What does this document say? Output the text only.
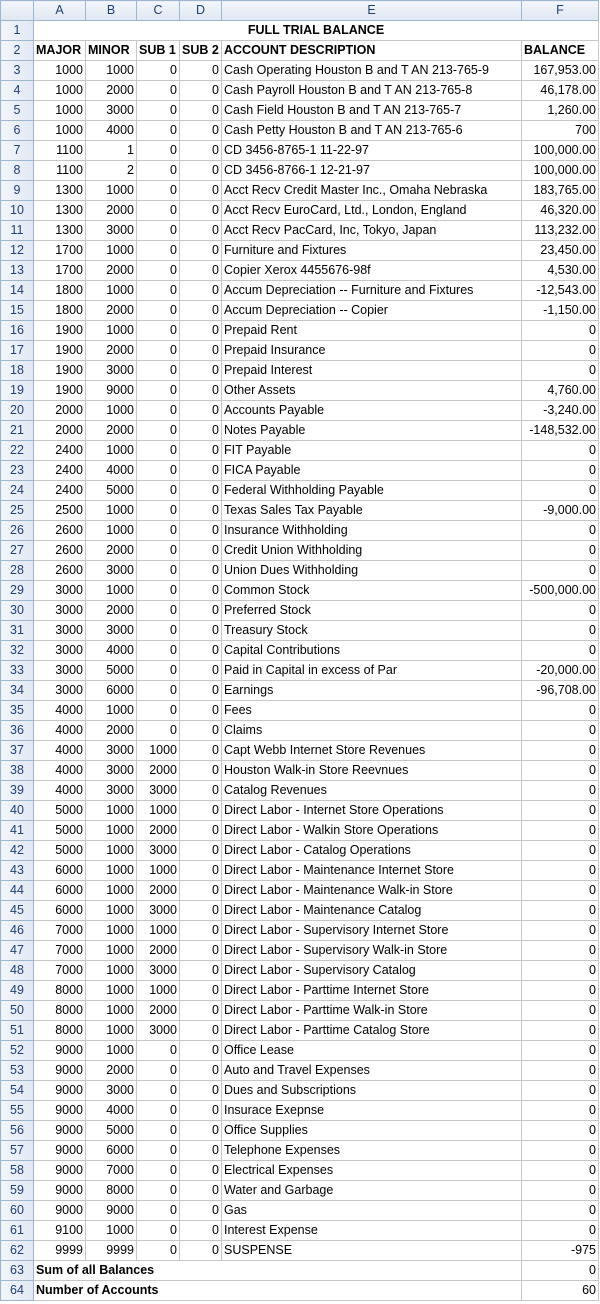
	A	B	C	D	E	F
1	FULL TRIAL BALANCE					
2	MAJOR	MINOR	SUB 1	SUB 2	ACCOUNT DESCRIPTION	BALANCE
3	1000	1000	0	0	Cash Operating Houston B and T AN 213-765-9	167,953.00
4	1000	2000	0	0	Cash Payroll Houston B and T AN 213-765-8	46,178.00
5	1000	3000	0	0	Cash Field Houston B and T AN 213-765-7	1,260.00
6	1000	4000	0	0	Cash Petty Houston B and T AN 213-765-6	700
7	1100	1	0	0	CD 3456-8765-1 11-22-97	100,000.00
8	1100	2	0	0	CD 3456-8766-1 12-21-97	100,000.00
9	1300	1000	0	0	Acct Recv Credit Master Inc., Omaha Nebraska	183,765.00
10	1300	2000	0	0	Acct Recv EuroCard, Ltd., London, England	46,320.00
11	1300	3000	0	0	Acct Recv PacCard, Inc, Tokyo, Japan	113,232.00
12	1700	1000	0	0	Furniture and Fixtures	23,450.00
13	1700	2000	0	0	Copier Xerox 4455676-98f	4,530.00
14	1800	1000	0	0	Accum Depreciation -- Furniture and Fixtures	-12,543.00
15	1800	2000	0	0	Accum Depreciation -- Copier	-1,150.00
16	1900	1000	0	0	Prepaid Rent	0
17	1900	2000	0	0	Prepaid Insurance	0
18	1900	3000	0	0	Prepaid Interest	0
19	1900	9000	0	0	Other Assets	4,760.00
20	2000	1000	0	0	Accounts Payable	-3,240.00
21	2000	2000	0	0	Notes Payable	-148,532.00
22	2400	1000	0	0	FIT Payable	0
23	2400	4000	0	0	FICA Payable	0
24	2400	5000	0	0	Federal Withholding Payable	0
25	2500	1000	0	0	Texas Sales Tax Payable	-9,000.00
26	2600	1000	0	0	Insurance Withholding	0
27	2600	2000	0	0	Credit Union Withholding	0
28	2600	3000	0	0	Union Dues Withholding	0
29	3000	1000	0	0	Common Stock	-500,000.00
30	3000	2000	0	0	Preferred Stock	0
31	3000	3000	0	0	Treasury Stock	0
32	3000	4000	0	0	Capital Contributions	0
33	3000	5000	0	0	Paid in Capital in excess of Par	-20,000.00
34	3000	6000	0	0	Earnings	-96,708.00
35	4000	1000	0	0	Fees	0
36	4000	2000	0	0	Claims	0
37	4000	3000	1000	0	Capt Webb Internet Store Revenues	0
38	4000	3000	2000	0	Houston Walk-in Store Reevnues	0
39	4000	3000	3000	0	Catalog Revenues	0
40	5000	1000	1000	0	Direct Labor - Internet Store Operations	0
41	5000	1000	2000	0	Direct Labor - Walkin Store Operations	0
42	5000	1000	3000	0	Direct Labor - Catalog Operations	0
43	6000	1000	1000	0	Direct Labor - Maintenance Internet Store	0
44	6000	1000	2000	0	Direct Labor - Maintenance Walk-in Store	0
45	6000	1000	3000	0	Direct Labor - Maintenance Catalog	0
46	7000	1000	1000	0	Direct Labor - Supervisory Internet Store	0
47	7000	1000	2000	0	Direct Labor - Supervisory Walk-in Store	0
48	7000	1000	3000	0	Direct Labor - Supervisory Catalog	0
49	8000	1000	1000	0	Direct Labor - Parttime Internet Store	0
50	8000	1000	2000	0	Direct Labor - Parttime Walk-in Store	0
51	8000	1000	3000	0	Direct Labor - Parttime Catalog Store	0
52	9000	1000	0	0	Office Lease	0
53	9000	2000	0	0	Auto and Travel Expenses	0
54	9000	3000	0	0	Dues and Subscriptions	0
55	9000	4000	0	0	Insurace Exepnse	0
56	9000	5000	0	0	Office Supplies	0
57	9000	6000	0	0	Telephone Expenses	0
58	9000	7000	0	0	Electrical Expenses	0
59	9000	8000	0	0	Water and Garbage	0
60	9000	9000	0	0	Gas	0
61	9100	1000	0	0	Interest Expense	0
62	9999	9999	0	0	SUSPENSE	-975
63	Sum of all Balances					0
64	Number of Accounts					60
